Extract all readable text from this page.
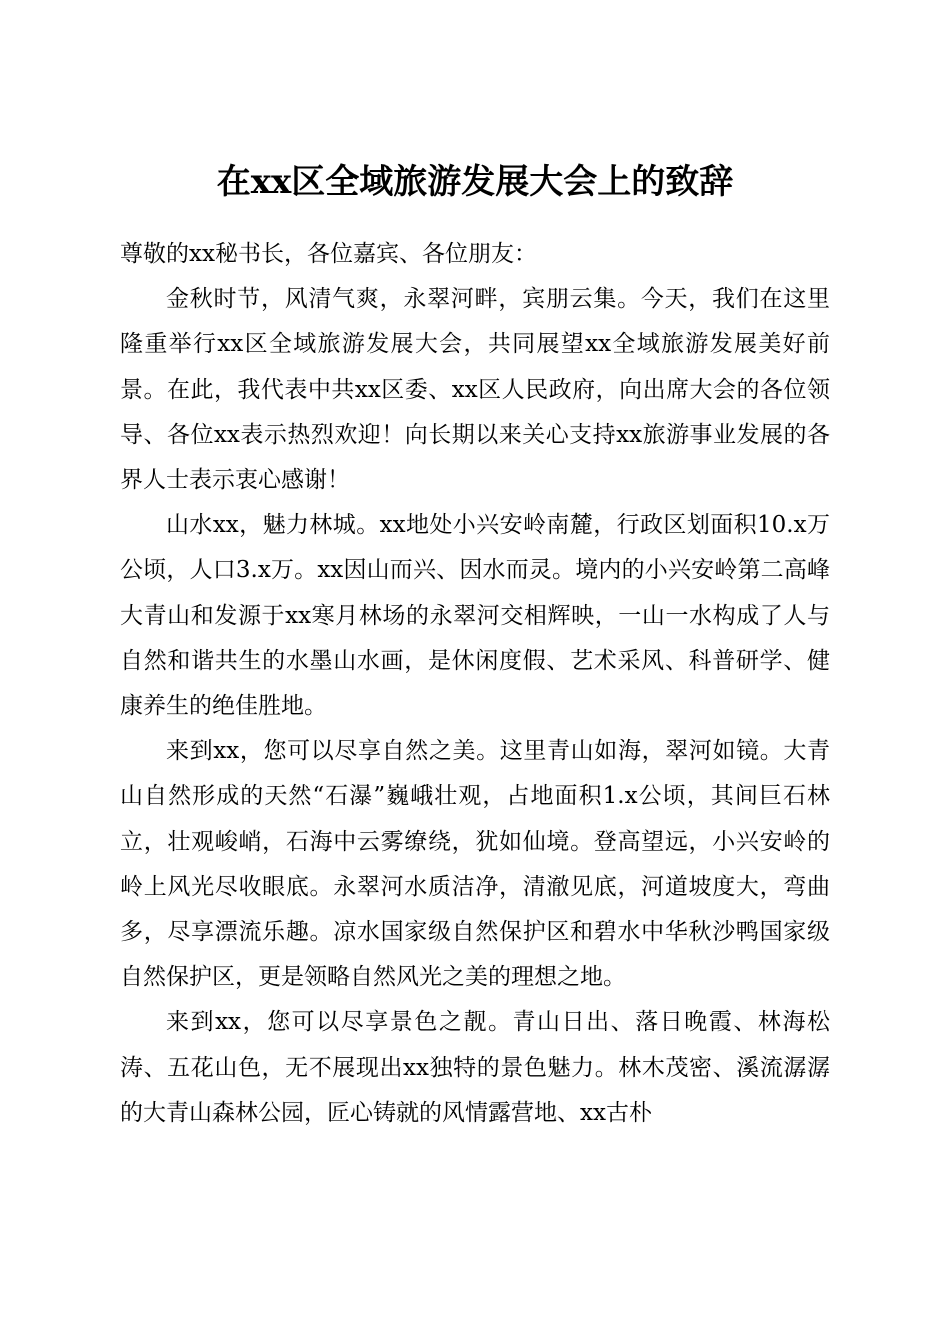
在xx区全域旅游发展大会上的致辞

尊敬的xx秘书长，各位嘉宾、各位朋友：

金秋时节，风清气爽，永翠河畔，宾朋云集。今天，我们在这里隆重举行xx区全域旅游发展大会，共同展望xx全域旅游发展美好前景。在此，我代表中共xx区委、xx区人民政府，向出席大会的各位领导、各位xx表示热烈欢迎！向长期以来关心支持xx旅游事业发展的各界人士表示衷心感谢！

山水xx，魅力林城。xx地处小兴安岭南麓，行政区划面积10.x万公顷，人口3.x万。xx因山而兴、因水而灵。境内的小兴安岭第二高峰大青山和发源于xx寒月林场的永翠河交相辉映，一山一水构成了人与自然和谐共生的水墨山水画，是休闲度假、艺术采风、科普研学、健康养生的绝佳胜地。

来到xx，您可以尽享自然之美。这里青山如海，翠河如镜。大青山自然形成的天然“石瀑”巍峨壮观，占地面积1.x公顷，其间巨石林立，壮观峻峭，石海中云雾缭绕，犹如仙境。登高望远，小兴安岭的岭上风光尽收眼底。永翠河水质洁净，清澈见底，河道坡度大，弯曲多，尽享漂流乐趣。凉水国家级自然保护区和碧水中华秋沙鸭国家级自然保护区，更是领略自然风光之美的理想之地。

来到xx，您可以尽享景色之靓。青山日出、落日晚霞、林海松涛、五花山色，无不展现出xx独特的景色魅力。林木茂密、溪流潺潺的大青山森林公园，匠心铸就的风情露营地、xx古朴
